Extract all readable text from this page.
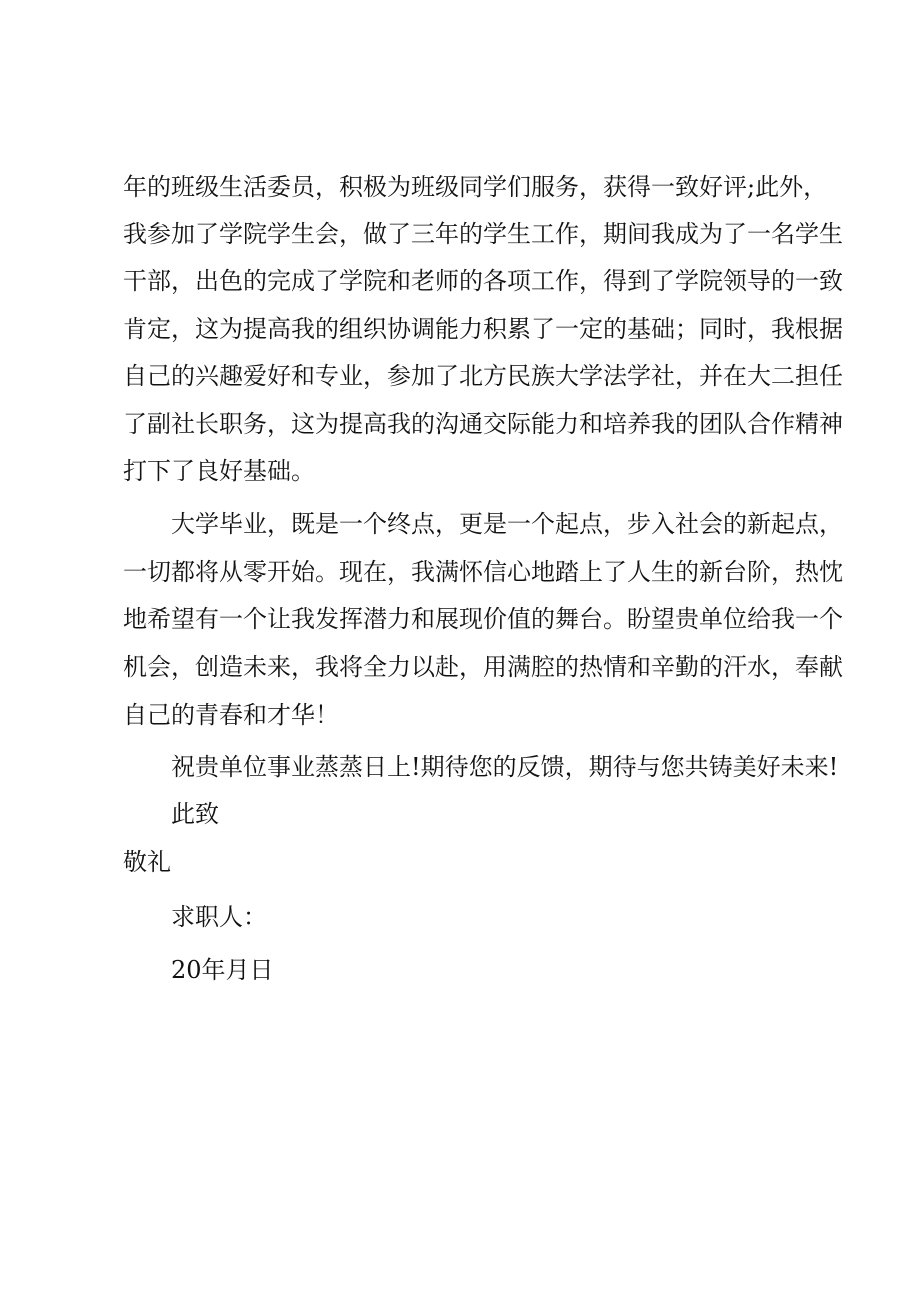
年的班级生活委员，积极为班级同学们服务，获得一致好评;此外，
我参加了学院学生会，做了三年的学生工作，期间我成为了一名学生
干部，出色的完成了学院和老师的各项工作，得到了学院领导的一致
肯定，这为提高我的组织协调能力积累了一定的基础；同时，我根据
自己的兴趣爱好和专业，参加了北方民族大学法学社，并在大二担任
了副社长职务，这为提高我的沟通交际能力和培养我的团队合作精神
打下了良好基础。
大学毕业，既是一个终点，更是一个起点，步入社会的新起点，
一切都将从零开始。现在，我满怀信心地踏上了人生的新台阶，热忱
地希望有一个让我发挥潜力和展现价值的舞台。盼望贵单位给我一个
机会，创造未来，我将全力以赴，用满腔的热情和辛勤的汗水，奉献
自己的青春和才华！
祝贵单位事业蒸蒸日上!期待您的反馈，期待与您共铸美好未来!
此致
敬礼
求职人：
20年月日
